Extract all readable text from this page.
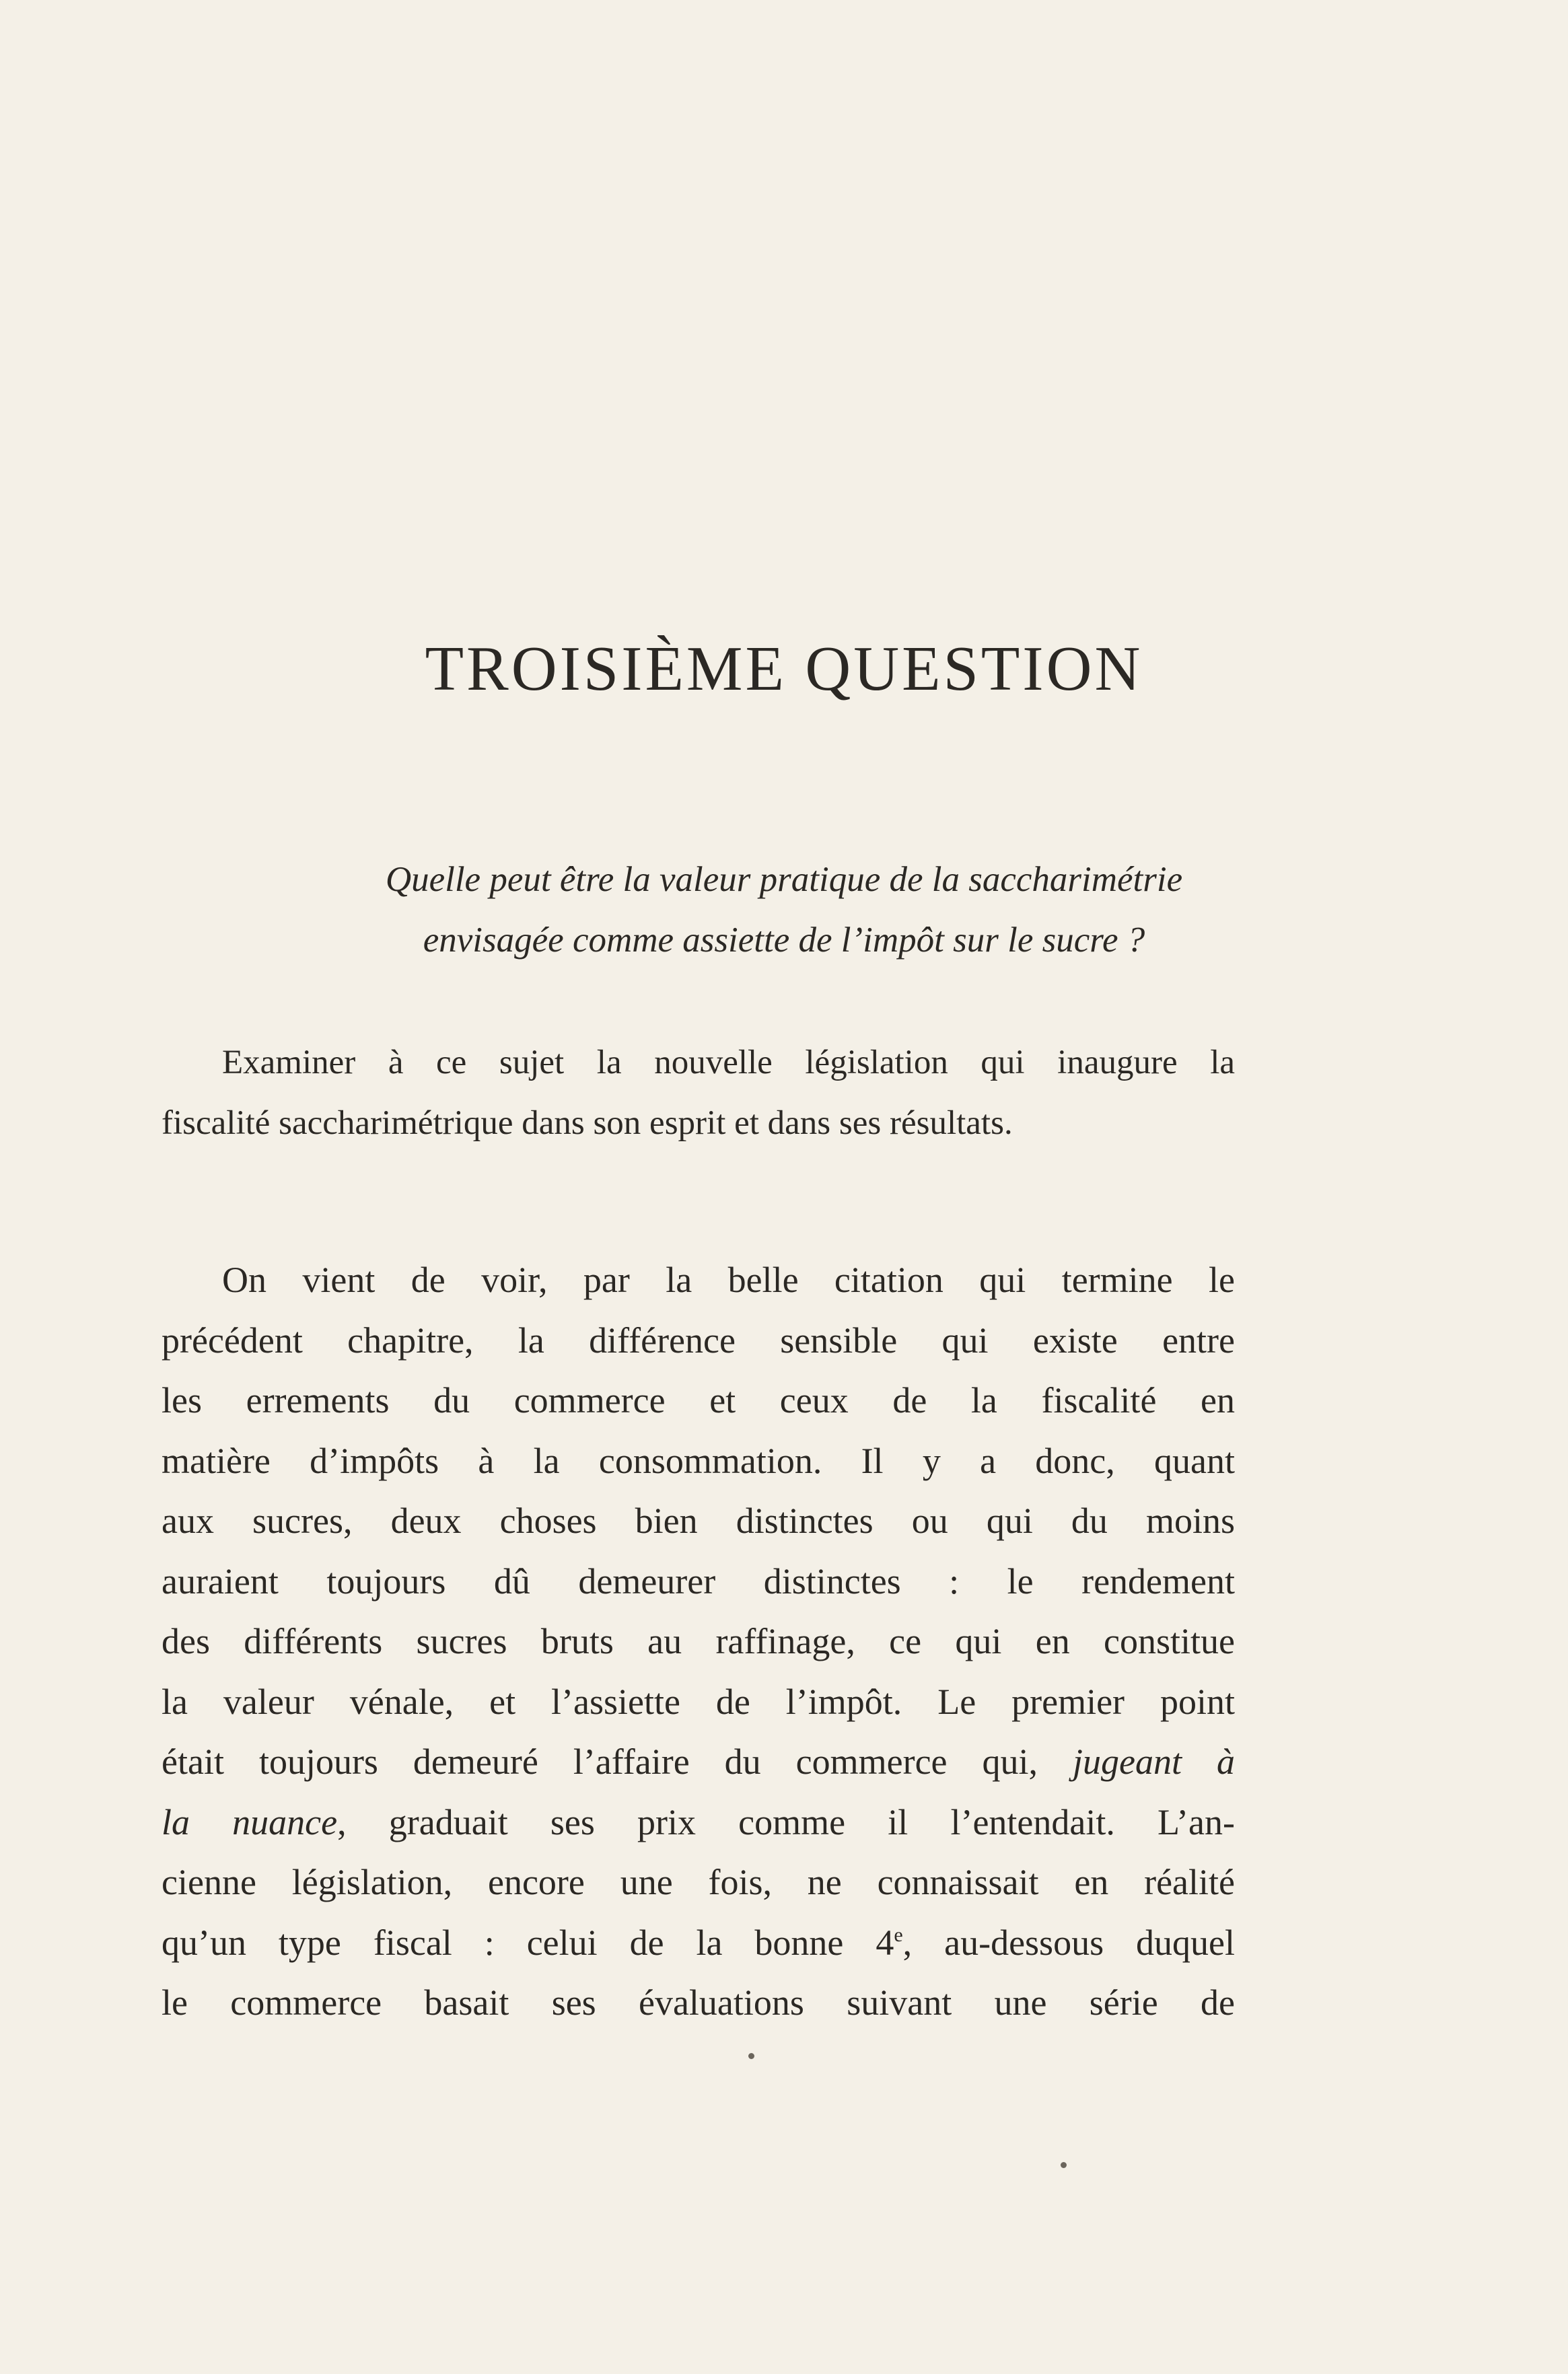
TROISIÈME QUESTION
Quelle peut être la valeur pratique de la saccharimétrie
envisagée comme assiette de l’impôt sur le sucre ?
Examiner à ce sujet la nouvelle législation qui inaugure la
fiscalité saccharimétrique dans son esprit et dans ses résultats.
On vient de voir, par la belle citation qui termine le
précédent chapitre, la différence sensible qui existe entre
les errements du commerce et ceux de la fiscalité en
matière d’impôts à la consommation. Il y a donc, quant
aux sucres, deux choses bien distinctes ou qui du moins
auraient toujours dû demeurer distinctes : le rendement
des différents sucres bruts au raffinage, ce qui en constitue
la valeur vénale, et l’assiette de l’impôt. Le premier point
était toujours demeuré l’affaire du commerce qui, jugeant à
la nuance, graduait ses prix comme il l’entendait. L’an-
cienne législation, encore une fois, ne connaissait en réalité
qu’un type fiscal : celui de la bonne 4e, au-dessous duquel
le commerce basait ses évaluations suivant une série de
